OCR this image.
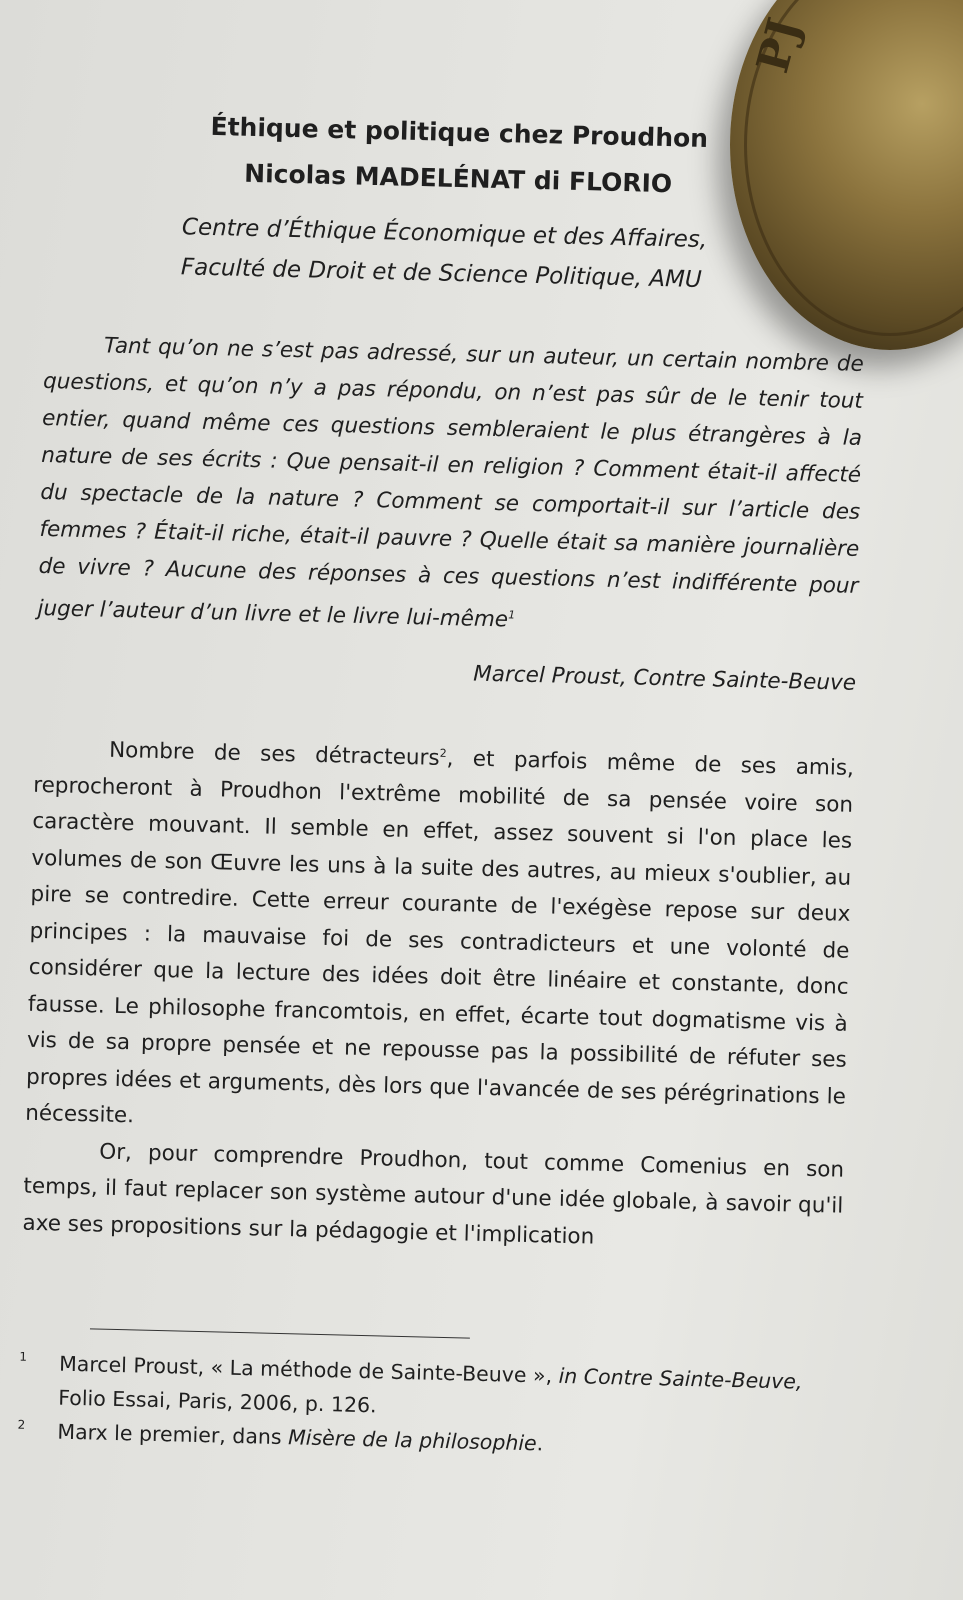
PJ
Éthique et politique chez Proudhon
Nicolas MADELÉNAT di FLORIO
Centre d’Éthique Économique et des Affaires,
Faculté de Droit et de Science Politique, AMU
Tant qu’on ne s’est pas adressé, sur un auteur, un certain nombre de questions, et qu’on n’y a pas répondu, on n’est pas sûr de le tenir tout entier, quand même ces questions sembleraient le plus étrangères à la nature de ses écrits : Que pensait-il en religion ? Comment était-il affecté du spectacle de la nature ? Comment se comportait-il sur l’article des femmes ? Était-il riche, était-il pauvre ? Quelle était sa manière journalière de vivre ? Aucune des réponses à ces questions n’est indifférente pour juger l’auteur d’un livre et le livre lui-même$^1$
Marcel Proust, Contre Sainte-Beuve

Nombre de ses détracteurs$^2$, et parfois même de ses amis, reprocheront à Proudhon l'extrême mobilité de sa pensée voire son caractère mouvant. Il semble en effet, assez souvent si l'on place les volumes de son Œuvre les uns à la suite des autres, au mieux s'oublier, au pire se contredire. Cette erreur courante de l'exégèse repose sur deux principes : la mauvaise foi de ses contradicteurs et une volonté de considérer que la lecture des idées doit être linéaire et constante, donc fausse. Le philosophe francomtois, en effet, écarte tout dogmatisme vis à vis de sa propre pensée et ne repousse pas la possibilité de réfuter ses propres idées et arguments, dès lors que l'avancée de ses pérégrinations le nécessite.

Or, pour comprendre Proudhon, tout comme Comenius en son temps, il faut replacer son système autour d'une idée globale, à savoir qu'il axe ses propositions sur la pédagogie et l'implication

1 Marcel Proust, « La méthode de Sainte-Beuve », in Contre Sainte-Beuve, Folio Essai, Paris, 2006, p. 126.
2 Marx le premier, dans Misère de la philosophie.
